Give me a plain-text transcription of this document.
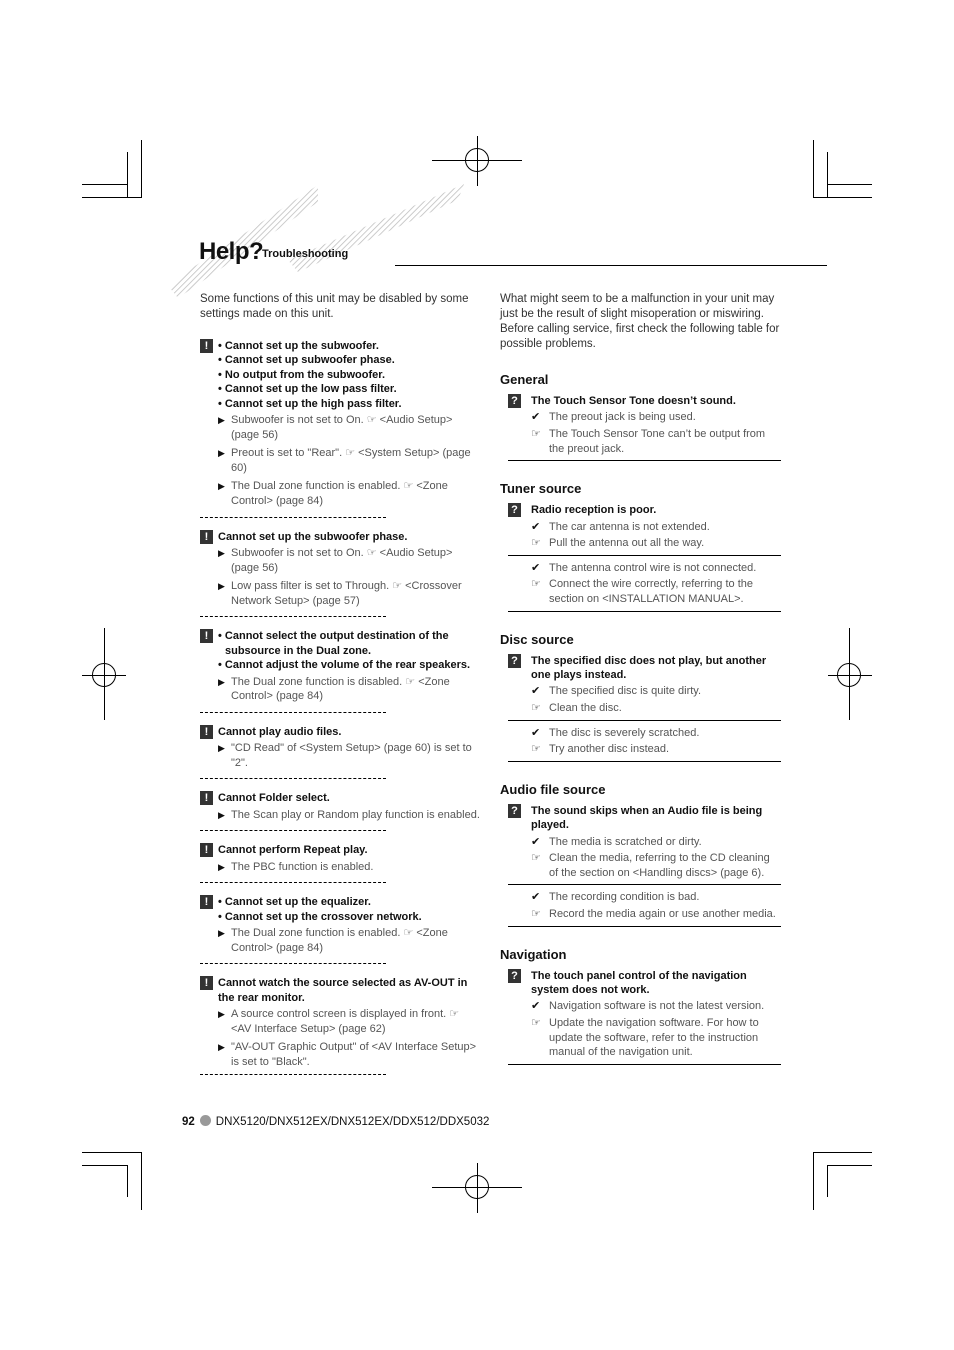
Help?
Troubleshooting

Some functions of this unit may be disabled by some settings made on this unit.

! • Cannot set up the subwoofer.
• Cannot set up subwoofer phase.
• No output from the subwoofer.
• Cannot set up the low pass filter.
• Cannot set up the high pass filter.
▶ Subwoofer is not set to On. ☞ <Audio Setup> (page 56)
▶ Preout is set to "Rear". ☞ <System Setup> (page 60)
▶ The Dual zone function is enabled. ☞ <Zone Control> (page 84)
! Cannot set up the subwoofer phase.
▶ Subwoofer is not set to On. ☞ <Audio Setup> (page 56)
▶ Low pass filter is set to Through. ☞ <Crossover Network Setup> (page 57)
! • Cannot select the output destination of the subsource in the Dual zone.
• Cannot adjust the volume of the rear speakers.
▶ The Dual zone function is disabled. ☞ <Zone Control> (page 84)
! Cannot play audio files.
▶ "CD Read" of <System Setup> (page 60) is set to "2".
! Cannot Folder select.
▶ The Scan play or Random play function is enabled.
! Cannot perform Repeat play.
▶ The PBC function is enabled.
! • Cannot set up the equalizer.
• Cannot set up the crossover network.
▶ The Dual zone function is enabled. ☞ <Zone Control> (page 84)
! Cannot watch the source selected as AV-OUT in the rear monitor.
▶ A source control screen is displayed in front. ☞ <AV Interface Setup> (page 62)
▶ "AV-OUT Graphic Output" of <AV Interface Setup> is set to "Black".

What might seem to be a malfunction in your unit may just be the result of slight misoperation or miswiring. Before calling service, first check the following table for possible problems.

General
? The Touch Sensor Tone doesn’t sound.
✔ The preout jack is being used.
☞ The Touch Sensor Tone can’t be output from the preout jack.
Tuner source
? Radio reception is poor.
✔ The car antenna is not extended.
☞ Pull the antenna out all the way.
✔ The antenna control wire is not connected.
☞ Connect the wire correctly, referring to the section on <INSTALLATION MANUAL>.
Disc source
? The specified disc does not play, but another one plays instead.
✔ The specified disc is quite dirty.
☞ Clean the disc.
✔ The disc is severely scratched.
☞ Try another disc instead.
Audio file source
? The sound skips when an Audio file is being played.
✔ The media is scratched or dirty.
☞ Clean the media, referring to the CD cleaning of the section on <Handling discs> (page 6).
✔ The recording condition is bad.
☞ Record the media again or use another media.
Navigation
? The touch panel control of the navigation system does not work.
✔ Navigation software is not the latest version.
☞ Update the navigation software. For how to update the software, refer to the instruction manual of the navigation unit.
92 DNX5120/DNX512EX/DNX512EX/DDX512/DDX5032
